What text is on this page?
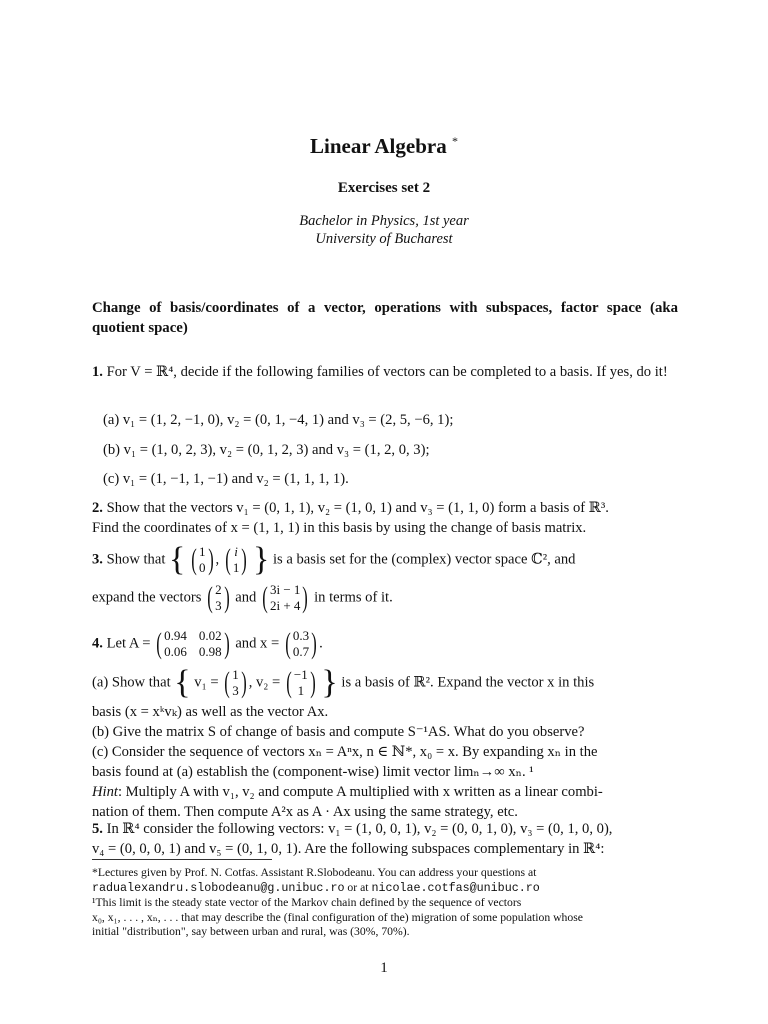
Linear Algebra *
Exercises set 2
Bachelor in Physics, 1st year
University of Bucharest
Change of basis/coordinates of a vector, operations with subspaces, factor space (aka quotient space)
1. For V = ℝ⁴, decide if the following families of vectors can be completed to a basis. If yes, do it!
(a) v₁ = (1, 2, −1, 0), v₂ = (0, 1, −4, 1) and v₃ = (2, 5, −6, 1);
(b) v₁ = (1, 0, 2, 3), v₂ = (0, 1, 2, 3) and v₃ = (1, 2, 0, 3);
(c) v₁ = (1, −1, 1, −1) and v₂ = (1, 1, 1, 1).
2. Show that the vectors v₁ = (0, 1, 1), v₂ = (1, 0, 1) and v₃ = (1, 1, 0) form a basis of ℝ³.
Find the coordinates of x = (1, 1, 1) in this basis by using the change of basis matrix.
3. Show that { ( 1
0 ) , ( i
1 ) } is a basis set for the (complex) vector space ℂ², and
expand the vectors ( 2
3 ) and ( 3i − 1
2i + 4 ) in terms of it.
4. Let A = ( 0.94 0.02
0.06 0.98 ) and x = ( 0.3
0.7 ) .
(a) Show that { v₁ = ( 1
3 ) , v₂ = ( −1
1 ) } is a basis of ℝ². Expand the vector x in this
basis (x = xᵏvₖ) as well as the vector Ax.
(b) Give the matrix S of change of basis and compute S⁻¹AS. What do you observe?
(c) Consider the sequence of vectors xₙ = Aⁿx, n ∈ ℕ*, x₀ = x. By expanding xₙ in the
basis found at (a) establish the (component-wise) limit vector limₙ→∞ xₙ. ¹
Hint: Multiply A with v₁, v₂ and compute A multiplied with x written as a linear combi-
nation of them. Then compute A²x as A · Ax using the same strategy, etc.
5. In ℝ⁴ consider the following vectors: v₁ = (1, 0, 0, 1), v₂ = (0, 0, 1, 0), v₃ = (0, 1, 0, 0),
v₄ = (0, 0, 0, 1) and v₅ = (0, 1, 0, 1). Are the following subspaces complementary in ℝ⁴:
*Lectures given by Prof. N. Cotfas. Assistant R.Slobodeanu. You can address your questions at
radualexandru.slobodeanu@g.unibuc.ro or at nicolae.cotfas@unibuc.ro
¹This limit is the steady state vector of the Markov chain defined by the sequence of vectors
x₀, x₁, . . . , xₙ, . . . that may describe the (final configuration of the) migration of some population whose
initial "distribution", say between urban and rural, was (30%, 70%).
1
